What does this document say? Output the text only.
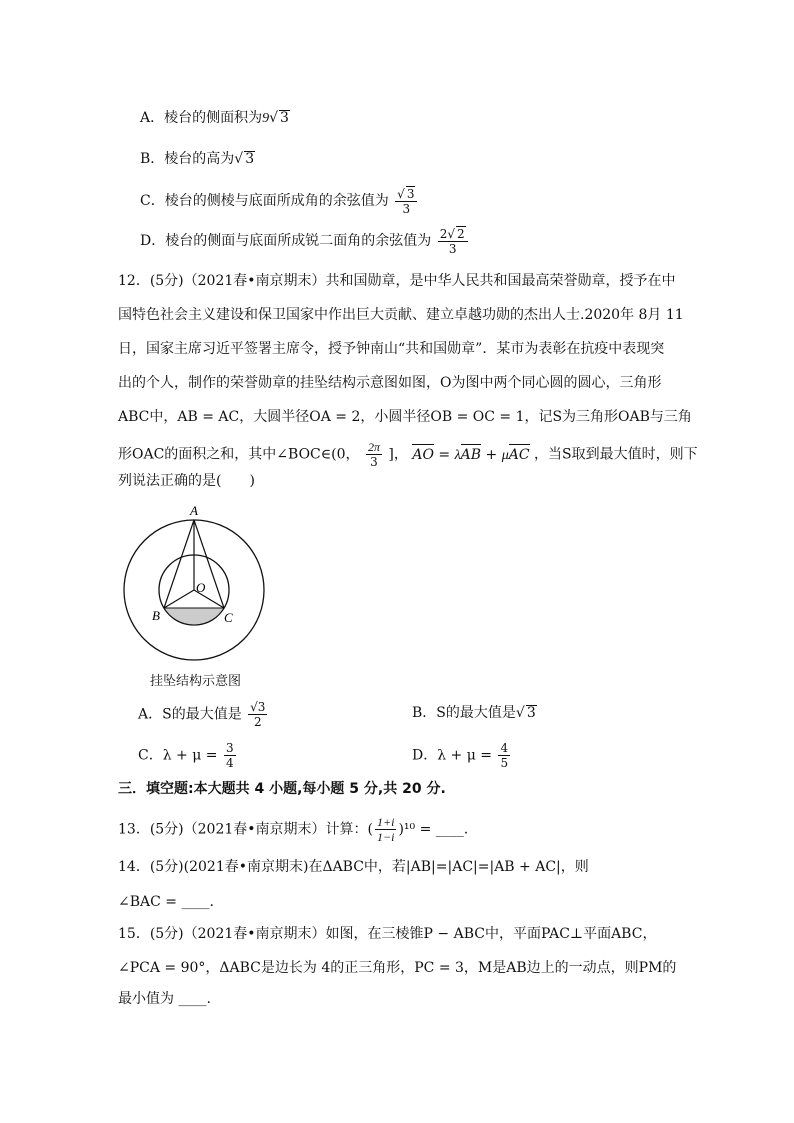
A．棱台的侧面积为9√ 3
B．棱台的高为√ 3
C．棱台的侧棱与底面所成角的余弦值为 $\frac{√ 3}{3}$
D．棱台的侧面与底面所成锐二面角的余弦值为 $\frac{2√ 2}{3}$
12．(5分)（2021春•南京期末）共和国勋章，是中华人民共和国最高荣誉勋章，授予在中
国特色社会主义建设和保卫国家中作出巨大贡献、建立卓越功勋的杰出人士.2020年 8月 11
日，国家主席习近平签署主席令，授予钟南山“共和国勋章”．某市为表彰在抗疫中表现突
出的个人，制作的荣誉勋章的挂坠结构示意图如图，O为图中两个同心圆的圆心，三角形
ABC中，AB = AC，大圆半径OA = 2，小圆半径OB = OC = 1，记S为三角形OAB与三角
形OAC的面积之和，其中∠BOC∈(0， $\frac{2\pi}{3}$ ]， AO = λAB + μAC ，当S取到最大值时，则下
列说法正确的是(　　)
A
O
B	C
挂坠结构示意图
A．S的最大值是 $\frac{√3}{2}$	B．S的最大值是√ 3
C．$\lambda + \mu = \frac{3}{4}$	D．$\lambda + \mu = \frac{4}{5}$
三．填空题:本大题共 4 小题,每小题 5 分,共 20 分.
13．(5分)（2021春•南京期末）计算：( $\frac{1+i}{1-i} )^{10}$ = ____.
14．(5分)(2021春•南京期末)在ΔABC中，若|AB|=|AC|=|AB + AC|，则
∠BAC = ____.
15．(5分)（2021春•南京期末）如图，在三棱锥P − ABC中，平面PAC⊥平面ABC，
∠PCA = 90°，ΔABC是边长为 4的正三角形，PC = 3，M是AB边上的一动点，则PM的
最小值为 ____.
